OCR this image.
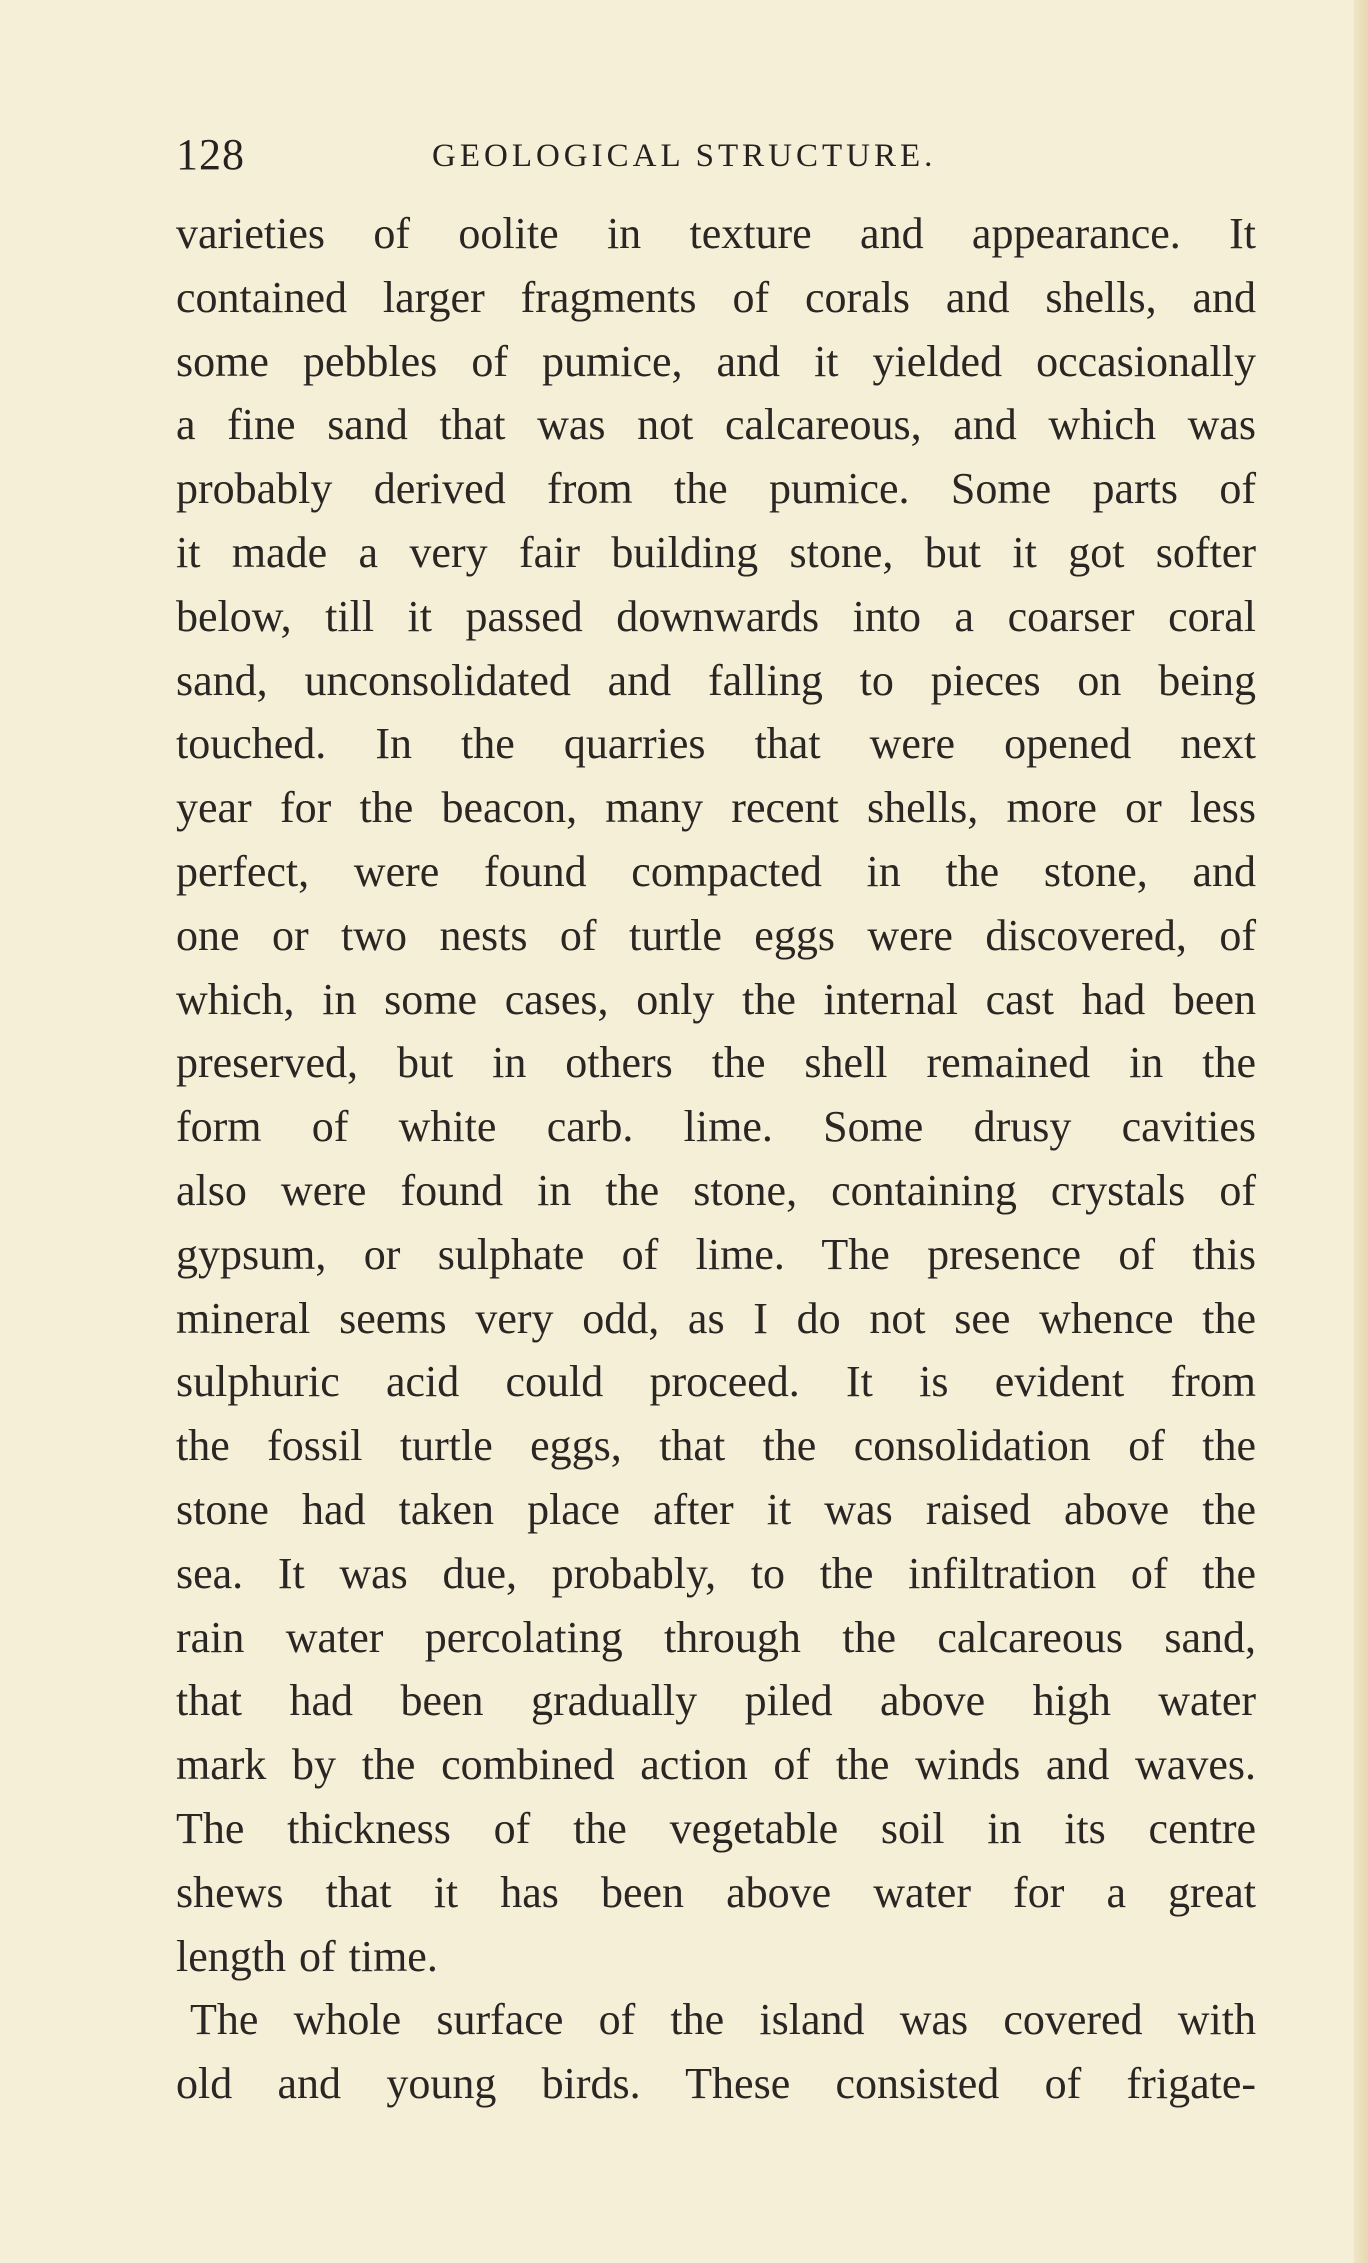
128	GEOLOGICAL STRUCTURE.
varieties of oolite in texture and appearance. It
contained larger fragments of corals and shells, and
some pebbles of pumice, and it yielded occasionally
a fine sand that was not calcareous, and which was
probably derived from the pumice. Some parts of
it made a very fair building stone, but it got softer
below, till it passed downwards into a coarser coral
sand, unconsolidated and falling to pieces on being
touched. In the quarries that were opened next
year for the beacon, many recent shells, more or less
perfect, were found compacted in the stone, and
one or two nests of turtle eggs were discovered, of
which, in some cases, only the internal cast had been
preserved, but in others the shell remained in the
form of white carb. lime. Some drusy cavities
also were found in the stone, containing crystals of
gypsum, or sulphate of lime. The presence of this
mineral seems very odd, as I do not see whence the
sulphuric acid could proceed. It is evident from
the fossil turtle eggs, that the consolidation of the
stone had taken place after it was raised above the
sea. It was due, probably, to the infiltration of the
rain water percolating through the calcareous sand,
that had been gradually piled above high water
mark by the combined action of the winds and waves.
The thickness of the vegetable soil in its centre
shews that it has been above water for a great
length of time.
The whole surface of the island was covered with
old and young birds. These consisted of frigate-
